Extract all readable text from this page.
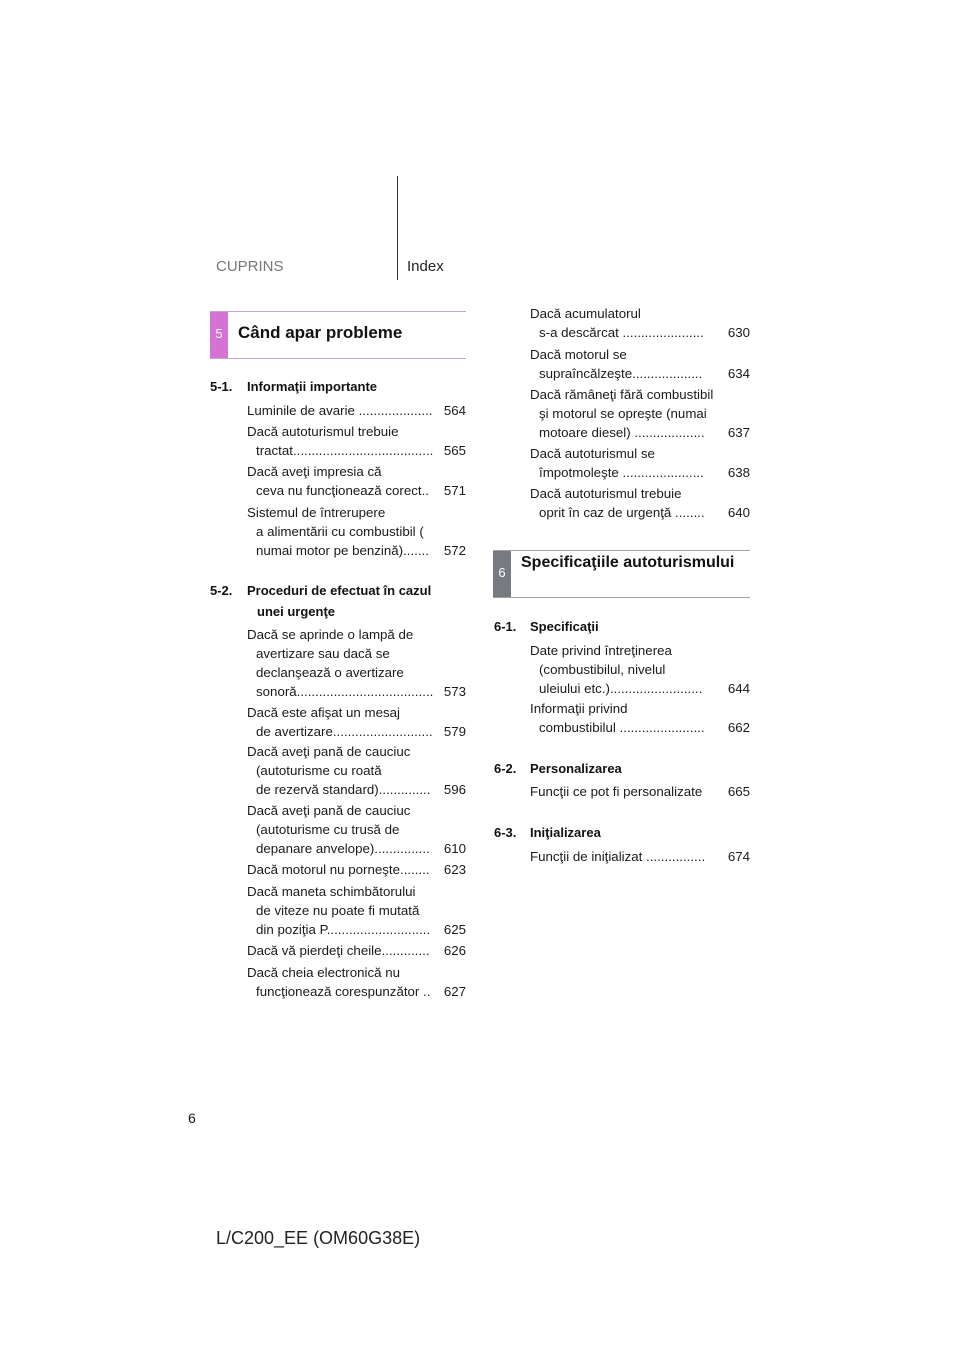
CUPRINS	Index
5 Când apar probleme
5-1. Informaţii importante
Luminile de avarie .................... 564
Dacă autoturismul trebuie
tractat...................................... 565
Dacă aveţi impresia că
ceva nu funcţionează corect.. 571
Sistemul de întrerupere
a alimentării cu combustibil (
numai motor pe benzină)....... 572
5-2. Proceduri de efectuat în cazul
unei urgenţe
Dacă se aprinde o lampă de
avertizare sau dacă se
declanşează o avertizare
sonoră..................................... 573
Dacă este afişat un mesaj
de avertizare........................... 579
Dacă aveţi pană de cauciuc
(autoturisme cu roată
de rezervă standard).............. 596
Dacă aveţi pană de cauciuc
(autoturisme cu trusă de
depanare anvelope)............... 610
Dacă motorul nu porneşte........ 623
Dacă maneta schimbătorului
de viteze nu poate fi mutată
din poziţia P............................ 625
Dacă vă pierdeţi cheile............. 626
Dacă cheia electronică nu
funcţionează corespunzător .. 627
Dacă acumulatorul
s-a descărcat ...................... 630
Dacă motorul se
supraîncălzeşte................... 634
Dacă rămâneţi fără combustibil
şi motorul se opreşte (numai
motoare diesel) ................... 637
Dacă autoturismul se
împotmoleşte ...................... 638
Dacă autoturismul trebuie
oprit în caz de urgenţă ........ 640
6
Specificaţiile autoturismului
6-1. Specificaţii
Date privind întreţinerea
(combustibilul, nivelul
uleiului etc.)......................... 644
Informaţii privind
combustibilul ....................... 662
6-2. Personalizarea
Funcţii ce pot fi personalizate 665
6-3. Iniţializarea
Funcţii de iniţializat ................ 674
6
L/C200_EE (OM60G38E)
